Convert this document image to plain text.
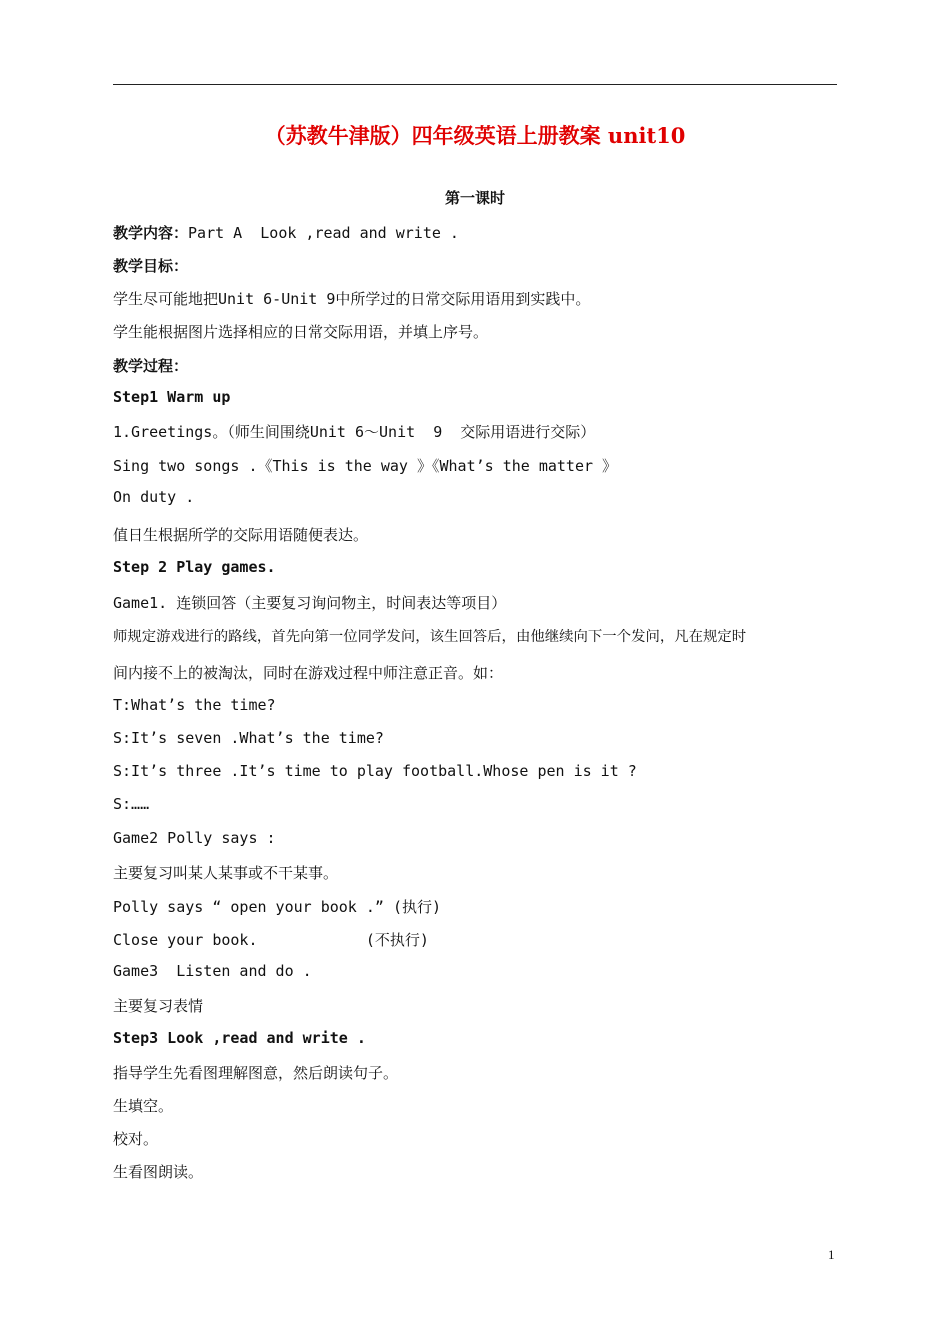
（苏教牛津版）四年级英语上册教案 unit10
第一课时
教学内容：Part A  Look ,read and write .
教学目标：
学生尽可能地把Unit 6-Unit 9中所学过的日常交际用语用到实践中。
学生能根据图片选择相应的日常交际用语，并填上序号。
教学过程：
Step1 Warm up
1.Greetings。（师生间围绕Unit 6～Unit  9  交际用语进行交际）
Sing two songs .《This is the way 》《What’s the matter 》
On duty .
值日生根据所学的交际用语随便表达。
Step 2 Play games.
Game1. 连锁回答（主要复习询问物主，时间表达等项目）
师规定游戏进行的路线，首先向第一位同学发问，该生回答后，由他继续向下一个发问，凡在规定时
间内接不上的被淘汰，同时在游戏过程中师注意正音。如：
T:What’s the time?
S:It’s seven .What’s the time?
S:It’s three .It’s time to play football.Whose pen is it ?
S:……
Game2 Polly says :
主要复习叫某人某事或不干某事。
Polly says “ open your book .” (执行)
Close your book.            (不执行)
Game3  Listen and do .
主要复习表情
Step3 Look ,read and write .
指导学生先看图理解图意，然后朗读句子。
生填空。
校对。
生看图朗读。
1
